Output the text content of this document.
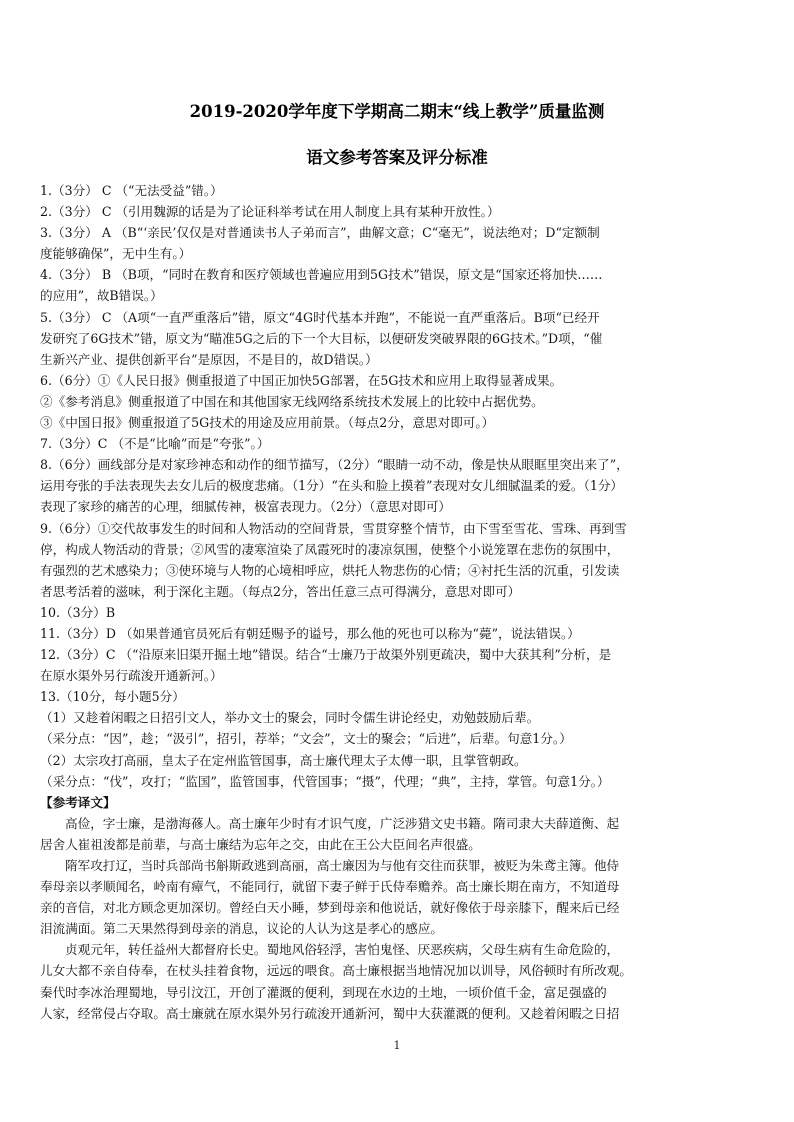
2019-2020学年度下学期高二期末“线上教学”质量监测
语文参考答案及评分标准
1.（3分） C （“无法受益”错。）
2.（3分） C （引用魏源的话是为了论证科举考试在用人制度上具有某种开放性。）
3.（3分） A （B“‘亲民’仅仅是对普通读书人子弟而言”，曲解文意；C“毫无”，说法绝对；D“定额制
度能够确保”，无中生有。）
4.（3分） B （B项，“同时在教育和医疗领域也普遍应用到5G技术”错误，原文是“国家还将加快……
的应用”，故B错误。）
5.（3分） C （A项“一直严重落后”错，原文“4G时代基本并跑”，不能说一直严重落后。B项“已经开
发研究了6G技术”错，原文为“瞄准5G之后的下一个大目标，以便研发突破界限的6G技术。”D项，“催
生新兴产业、提供创新平台”是原因，不是目的，故D错误。）
6.（6分）①《人民日报》侧重报道了中国正加快5G部署，在5G技术和应用上取得显著成果。
②《参考消息》侧重报道了中国在和其他国家无线网络系统技术发展上的比较中占据优势。
③《中国日报》侧重报道了5G技术的用途及应用前景。（每点2分，意思对即可。）
7.（3分）C （不是“比喻”而是“夸张”。）
8.（6分）画线部分是对家珍神态和动作的细节描写，（2分）“眼睛一动不动，像是快从眼眶里突出来了”，
运用夸张的手法表现失去女儿后的极度悲痛。（1分）“在头和脸上摸着”表现对女儿细腻温柔的爱。（1分）
表现了家珍的痛苦的心理，细腻传神，极富表现力。（2分）（意思对即可）
9.（6分）①交代故事发生的时间和人物活动的空间背景，雪贯穿整个情节，由下雪至雪花、雪珠、再到雪
停，构成人物活动的背景；②风雪的凄寒渲染了凤霞死时的凄凉氛围，使整个小说笼罩在悲伤的氛围中，
有强烈的艺术感染力；③使环境与人物的心境相呼应，烘托人物悲伤的心情；④衬托生活的沉重，引发读
者思考活着的滋味，利于深化主题。（每点2分，答出任意三点可得满分，意思对即可）
10.（3分）B
11.（3分）D （如果普通官员死后有朝廷赐予的谥号，那么他的死也可以称为“薨”，说法错误。）
12.（3分）C （“沿原来旧渠开掘土地”错误。结合“士廉乃于故渠外别更疏决，蜀中大获其利”分析，是
在原水渠外另行疏浚开通新河。）
13.（10分，每小题5分）
（1）又趁着闲暇之日招引文人，举办文士的聚会，同时令儒生讲论经史，劝勉鼓励后辈。
（采分点：“因”，趁；“汲引”，招引，荐举；“文会”，文士的聚会；“后进”，后辈。句意1分。）
（2）太宗攻打高丽，皇太子在定州监管国事，高士廉代理太子太傅一职，且掌管朝政。
（采分点：“伐”，攻打；“监国”，监管国事，代管国事；“摄”，代理；“典”，主持，掌管。句意1分。）
【参考译文】
高俭，字士廉，是渤海蓚人。高士廉年少时有才识气度，广泛涉猎文史书籍。隋司隶大夫薛道衡、起
居舍人崔祖浚都是前辈，与高士廉结为忘年之交，由此在王公大臣间名声很盛。
隋军攻打辽，当时兵部尚书斛斯政逃到高丽，高士廉因为与他有交往而获罪，被贬为朱鸢主簿。他侍
奉母亲以孝顺闻名，岭南有瘴气，不能同行，就留下妻子鲜于氏侍奉赡养。高士廉长期在南方，不知道母
亲的音信，对北方顾念更加深切。曾经白天小睡，梦到母亲和他说话，就好像依于母亲膝下，醒来后已经
泪流满面。第二天果然得到母亲的消息，议论的人认为这是孝心的感应。
贞观元年，转任益州大都督府长史。蜀地风俗轻浮，害怕鬼怪、厌恶疾病，父母生病有生命危险的，
儿女大都不亲自侍奉，在杖头挂着食物，远远的喂食。高士廉根据当地情况加以训导，风俗顿时有所改观。
秦代时李冰治理蜀地，导引汶江，开创了灌溉的便利，到现在水边的土地，一顷价值千金，富足强盛的
人家，经常侵占夺取。高士廉就在原水渠外另行疏浚开通新河，蜀中大获灌溉的便利。又趁着闲暇之日招
1
